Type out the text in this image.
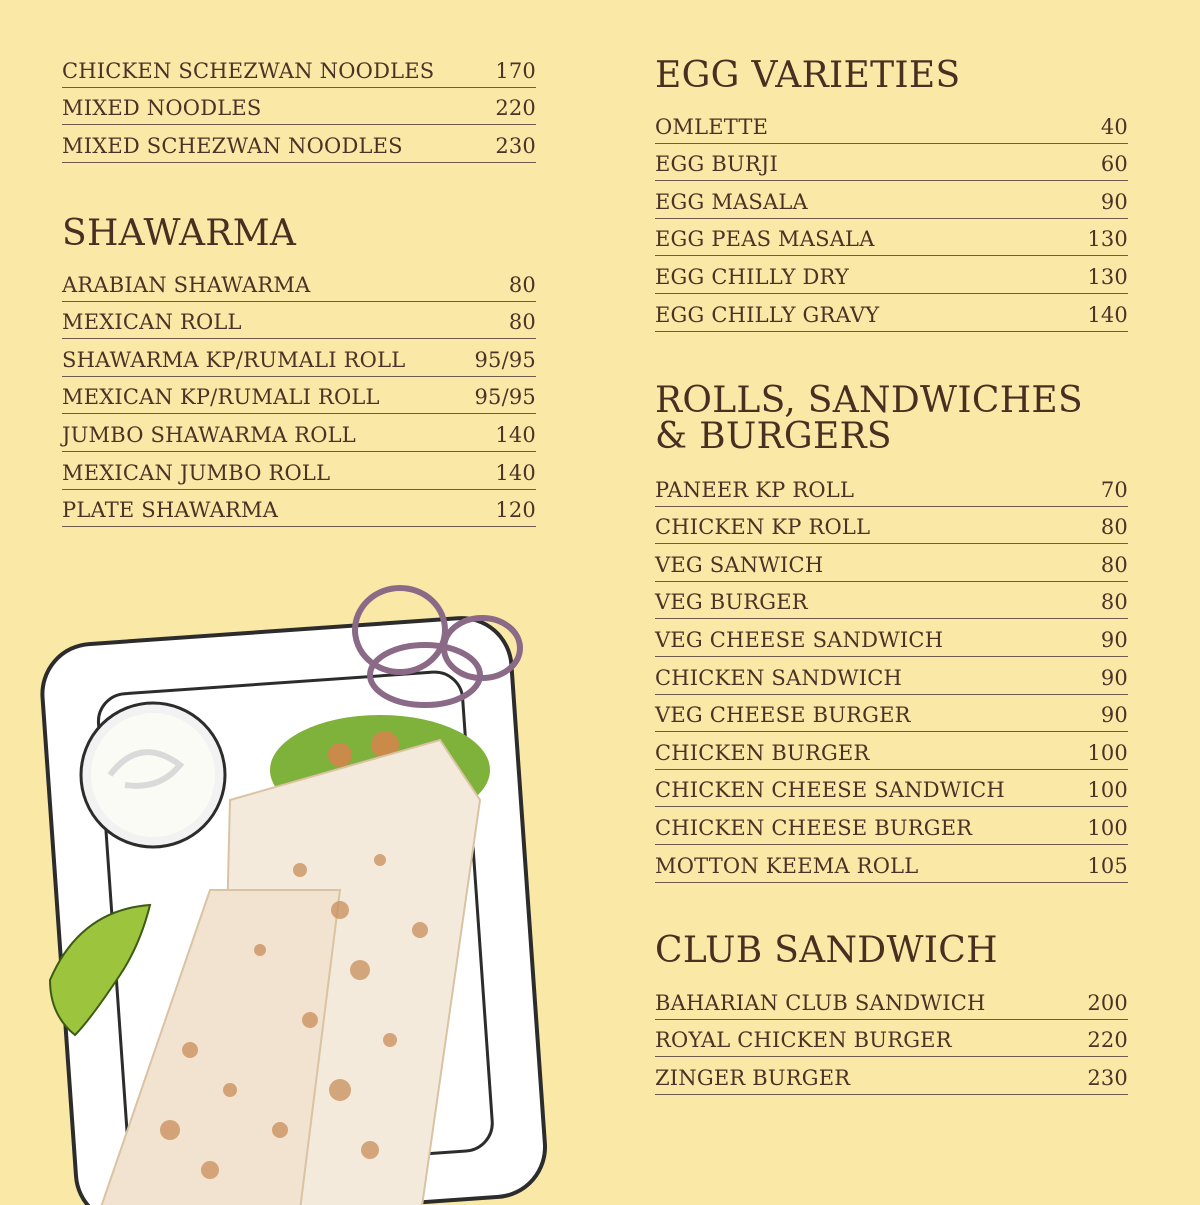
CHICKEN SCHEZWAN NOODLES	170
MIXED NOODLES	220
MIXED SCHEZWAN NOODLES	230
SHAWARMA
ARABIAN SHAWARMA	80
MEXICAN ROLL	80
SHAWARMA KP/RUMALI ROLL	95/95
MEXICAN KP/RUMALI ROLL	95/95
JUMBO SHAWARMA ROLL	140
MEXICAN JUMBO ROLL	140
PLATE SHAWARMA	120
EGG VARIETIES
OMLETTE	40
EGG BURJI	60
EGG MASALA	90
EGG PEAS MASALA	130
EGG CHILLY DRY	130
EGG CHILLY GRAVY	140
ROLLS, SANDWICHES & BURGERS
PANEER KP ROLL	70
CHICKEN KP ROLL	80
VEG SANWICH	80
VEG BURGER	80
VEG CHEESE SANDWICH	90
CHICKEN SANDWICH	90
VEG CHEESE BURGER	90
CHICKEN BURGER	100
CHICKEN CHEESE SANDWICH	100
CHICKEN CHEESE BURGER	100
MOTTON KEEMA ROLL	105
CLUB SANDWICH
BAHARIAN CLUB SANDWICH	200
ROYAL CHICKEN BURGER	220
ZINGER BURGER	230
